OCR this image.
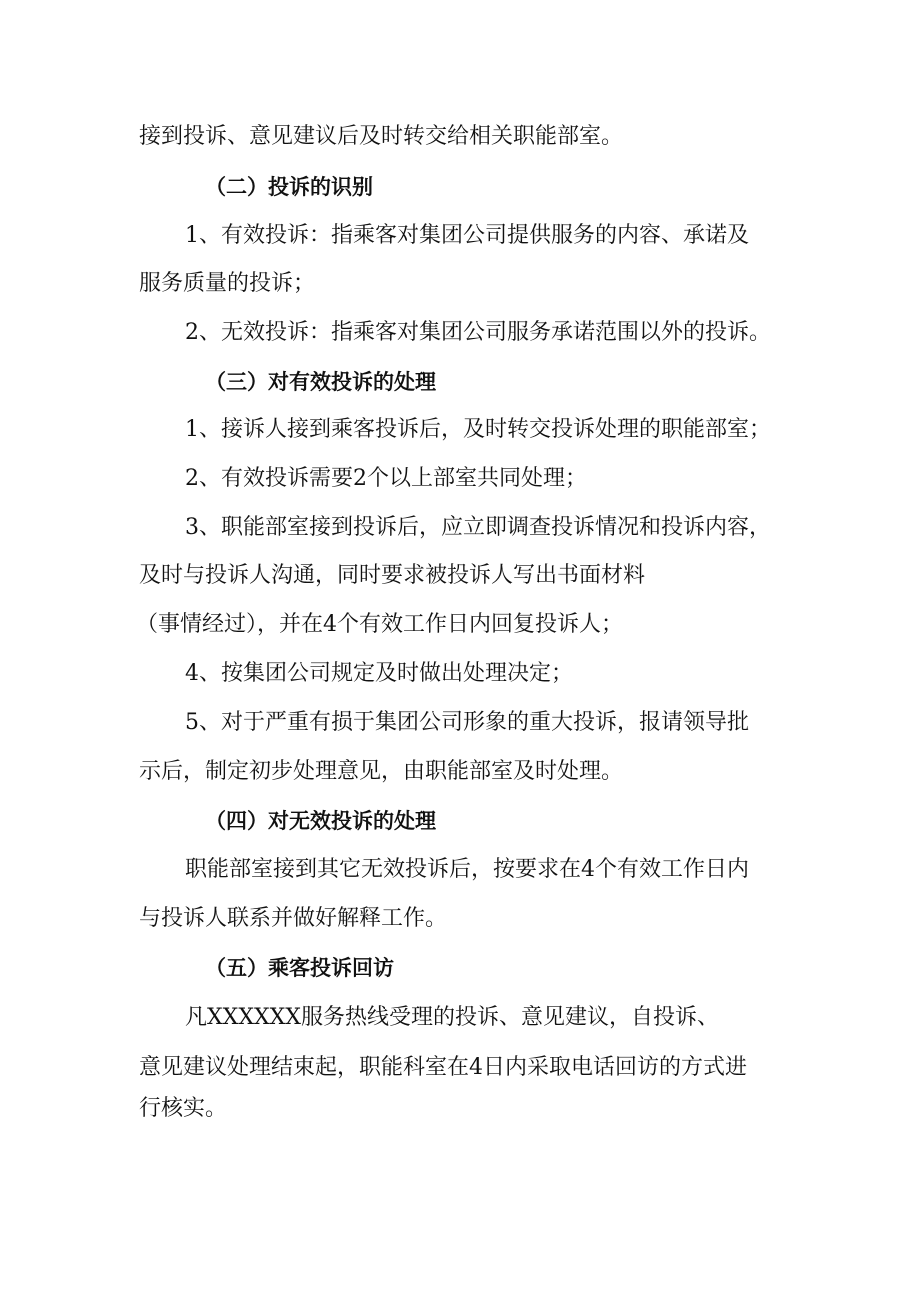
接到投诉、意见建议后及时转交给相关职能部室。
（二）投诉的识别
1、有效投诉：指乘客对集团公司提供服务的内容、承诺及
服务质量的投诉；
2、无效投诉：指乘客对集团公司服务承诺范围以外的投诉。
（三）对有效投诉的处理
1、接诉人接到乘客投诉后，及时转交投诉处理的职能部室；
2、有效投诉需要2个以上部室共同处理；
3、职能部室接到投诉后，应立即调查投诉情况和投诉内容，
及时与投诉人沟通，同时要求被投诉人写出书面材料
（事情经过），并在4个有效工作日内回复投诉人；
4、按集团公司规定及时做出处理决定；
5、对于严重有损于集团公司形象的重大投诉，报请领导批
示后，制定初步处理意见，由职能部室及时处理。
（四）对无效投诉的处理
职能部室接到其它无效投诉后，按要求在4个有效工作日内
与投诉人联系并做好解释工作。
（五）乘客投诉回访
凡XXXXXX服务热线受理的投诉、意见建议，自投诉、
意见建议处理结束起，职能科室在4日内采取电话回访的方式进
行核实。
